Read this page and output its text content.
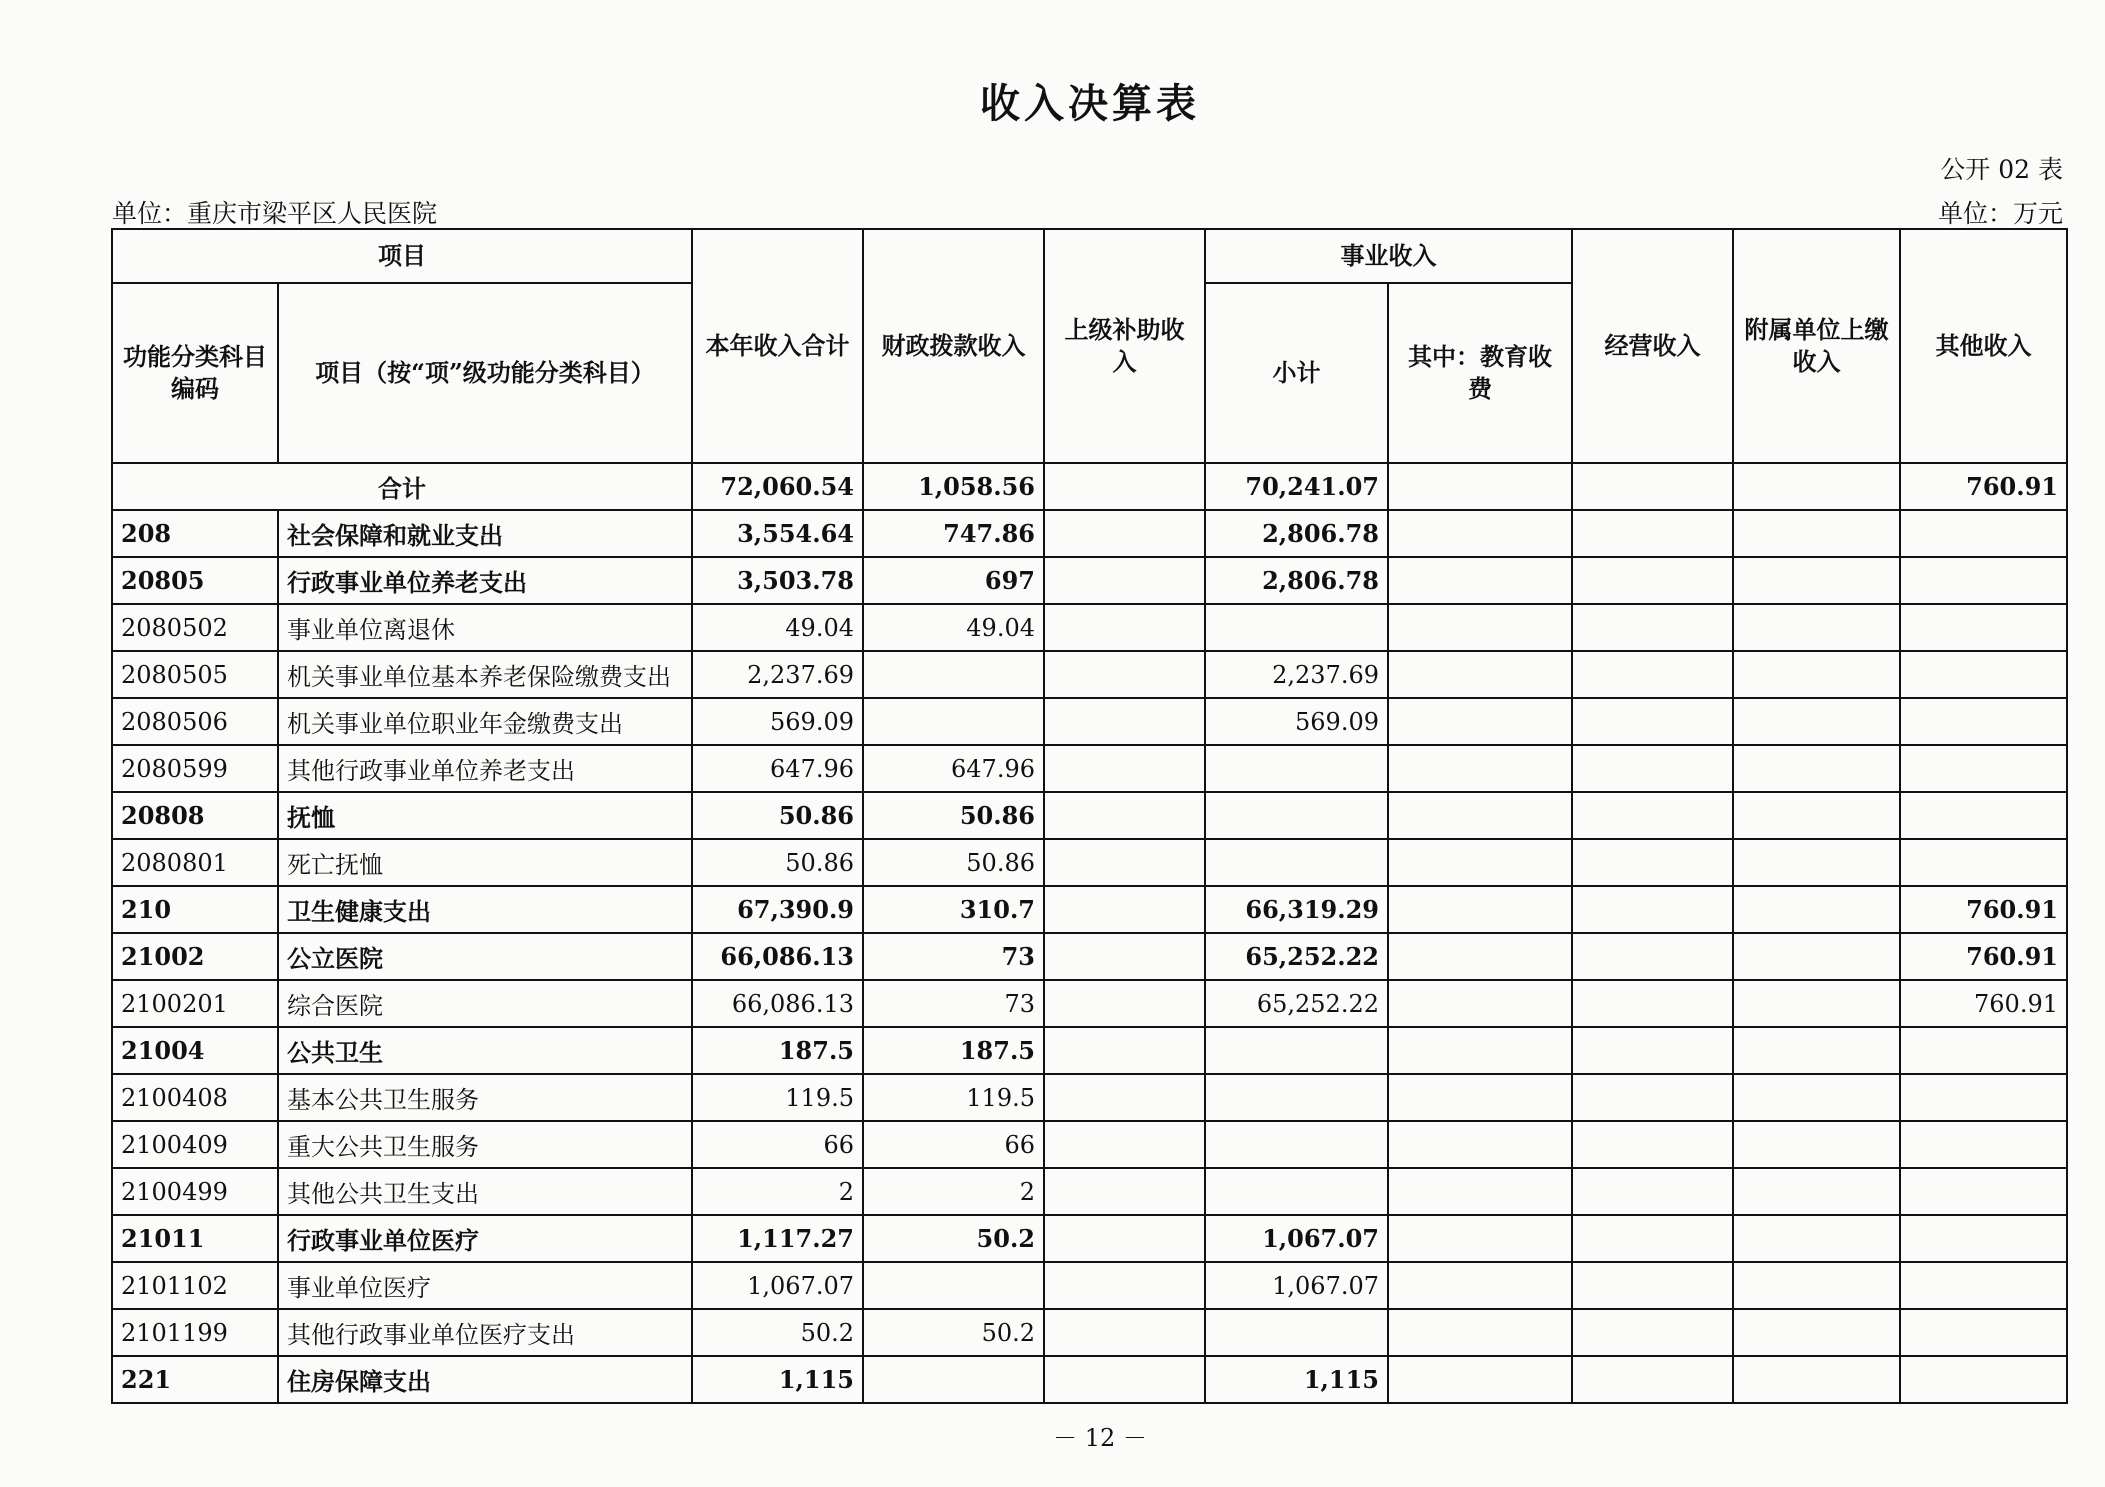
收入决算表
公开 02 表
单位：重庆市梁平区人民医院	单位：万元
项目		本年收入合计	财政拨款收入	上级补助收入	事业收入		经营收入	附属单位上缴收入	其他收入
功能分类科目编码	项目（按“项”级功能分类科目）				小计	其中：教育收费			
合计		72,060.54	1,058.56		70,241.07				760.91
208	社会保障和就业支出	3,554.64	747.86		2,806.78				
20805	行政事业单位养老支出	3,503.78	697		2,806.78				
2080502	事业单位离退休	49.04	49.04						
2080505	机关事业单位基本养老保险缴费支出	2,237.69			2,237.69				
2080506	机关事业单位职业年金缴费支出	569.09			569.09				
2080599	其他行政事业单位养老支出	647.96	647.96						
20808	抚恤	50.86	50.86						
2080801	死亡抚恤	50.86	50.86						
210	卫生健康支出	67,390.9	310.7		66,319.29				760.91
21002	公立医院	66,086.13	73		65,252.22				760.91
2100201	综合医院	66,086.13	73		65,252.22				760.91
21004	公共卫生	187.5	187.5						
2100408	基本公共卫生服务	119.5	119.5						
2100409	重大公共卫生服务	66	66						
2100499	其他公共卫生支出	2	2						
21011	行政事业单位医疗	1,117.27	50.2		1,067.07				
2101102	事业单位医疗	1,067.07			1,067.07				
2101199	其他行政事业单位医疗支出	50.2	50.2						
221	住房保障支出	1,115			1,115				
－ 12 －
